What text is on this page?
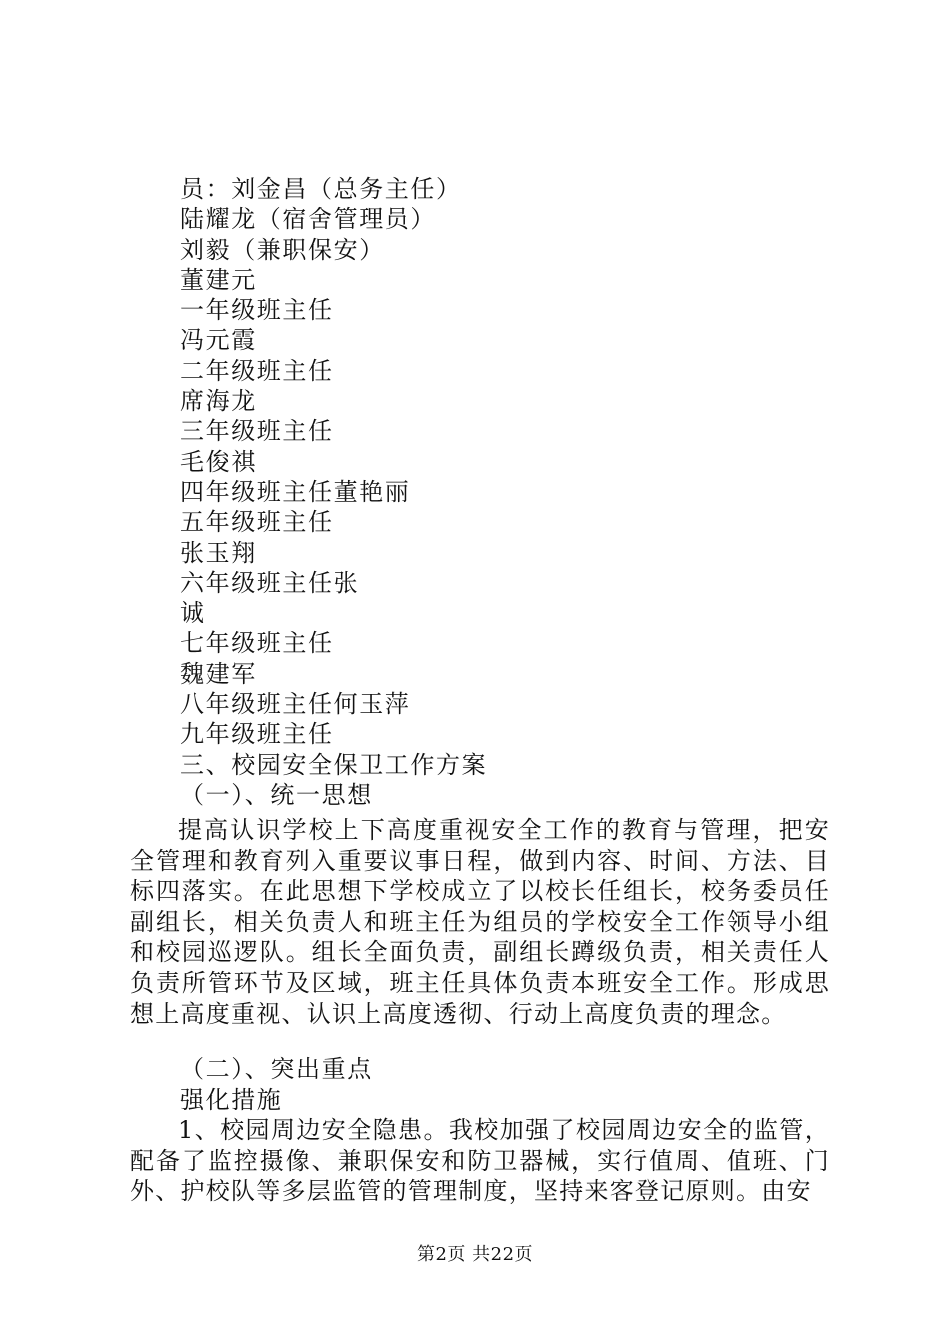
员：刘金昌（总务主任）
陆耀龙（宿舍管理员）
刘毅（兼职保安）
董建元
一年级班主任
冯元霞
二年级班主任
席海龙
三年级班主任
毛俊祺
四年级班主任董艳丽
五年级班主任
张玉翔
六年级班主任张
诚
七年级班主任
魏建军
八年级班主任何玉萍
九年级班主任
三、校园安全保卫工作方案
（一）、统一思想

提高认识学校上下高度重视安全工作的教育与管理，把安全管理和教育列入重要议事日程，做到内容、时间、方法、目标四落实。在此思想下学校成立了以校长任组长，校务委员任副组长，相关负责人和班主任为组员的学校安全工作领导小组和校园巡逻队。组长全面负责，副组长蹲级负责，相关责任人负责所管环节及区域，班主任具体负责本班安全工作。形成思想上高度重视、认识上高度透彻、行动上高度负责的理念。

（二）、突出重点

强化措施

1、校园周边安全隐患。我校加强了校园周边安全的监管，配备了监控摄像、兼职保安和防卫器械，实行值周、值班、门外、护校队等多层监管的管理制度，坚持来客登记原则。由安

第2页 共22页
